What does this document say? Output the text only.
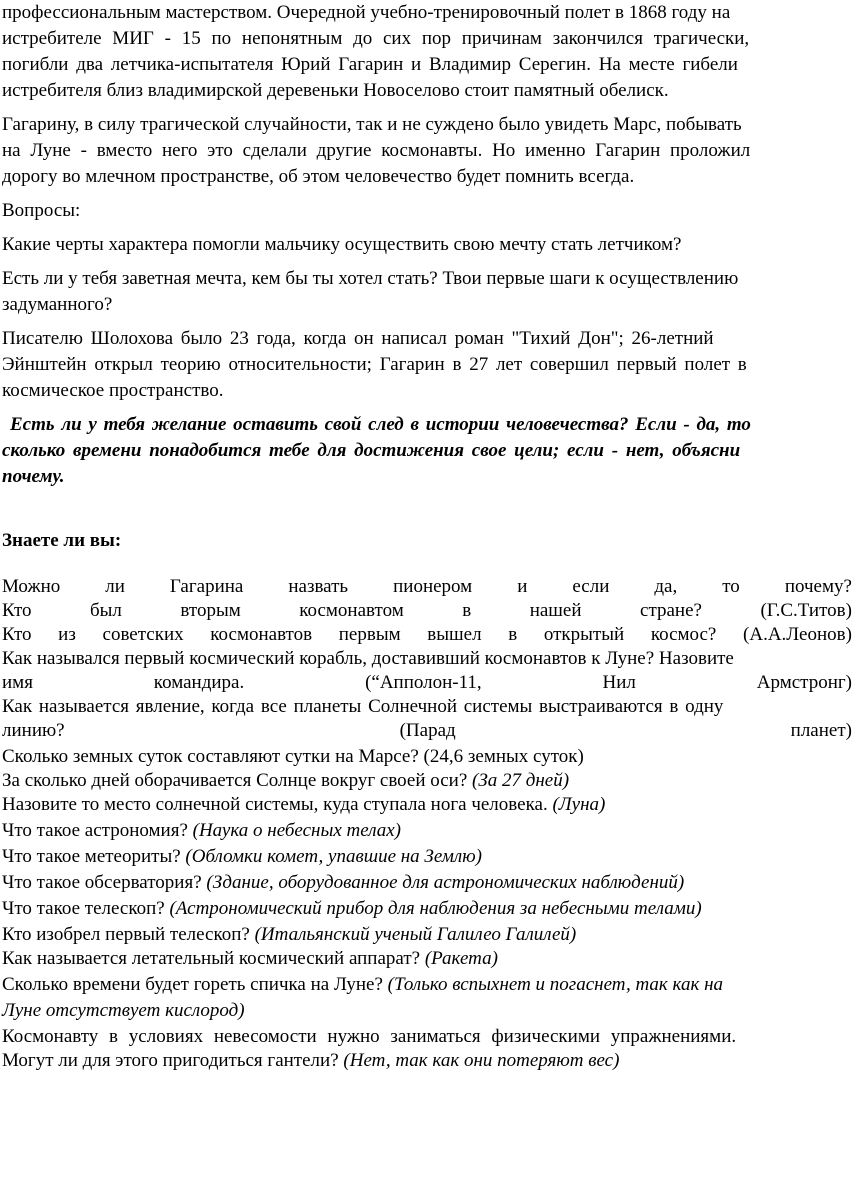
профессиональным мастерством. Очередной учебно-тренировочный полет в 1868 году на
истребителе МИГ - 15 по непонятным до сих пор причинам закончился трагически,
погибли два летчика-испытателя Юрий Гагарин и Владимир Серегин. На месте гибели
истребителя близ владимирской деревеньки Новоселово стоит памятный обелиск.
Гагарину, в силу трагической случайности, так и не суждено было увидеть Марс, побывать
на Луне - вместо него это сделали другие космонавты. Но именно Гагарин проложил
дорогу во млечном пространстве, об этом человечество будет помнить всегда.
Вопросы:
Какие черты характера помогли мальчику осуществить свою мечту стать летчиком?
Есть ли у тебя заветная мечта, кем бы ты хотел стать? Твои первые шаги к осуществлению
задуманного?
Писателю Шолохова было 23 года, когда он написал роман "Тихий Дон"; 26-летний
Эйнштейн открыл теорию относительности; Гагарин в 27 лет совершил первый полет в
космическое пространство.
Есть ли у тебя желание оставить свой след в истории человечества? Если - да, то
сколько времени понадобится тебе для достижения свое цели; если - нет, объясни
почему.
Знаете ли вы:
Можно ли Гагарина назвать пионером и если да, то почему?
Кто	был	вторым	космонавтом	в	нашей	стране?	(Г.С.Титов)
Кто из советских космонавтов первым вышел в открытый космос? (А.А.Леонов)
Как назывался первый космический корабль, доставивший космонавтов к Луне? Назовите
имя	командира.	(“Апполон-11,	Нил	Армстронг)
Как называется явление, когда все планеты Солнечной системы выстраиваются в одну
линию?	(Парад	планет)
Сколько земных суток составляют сутки на Марсе? (24,6 земных суток)
За сколько дней оборачивается Солнце вокруг своей оси? (За 27 дней)
Назовите то место солнечной системы, куда ступала нога человека. (Луна)
Что такое астрономия? (Наука о небесных телах)
Что такое метеориты? (Обломки комет, упавшие на Землю)
Что такое обсерватория? (Здание, оборудованное для астрономических наблюдений)
Что такое телескоп? (Астрономический прибор для наблюдения за небесными телами)
Кто изобрел первый телескоп? (Итальянский ученый Галилео Галилей)
Как называется летательный космический аппарат? (Ракета)
Сколько времени будет гореть спичка на Луне? (Только вспыхнет и погаснет, так как на
Луне отсутствует кислород)
Космонавту в условиях невесомости нужно заниматься физическими упражнениями.
Могут ли для этого пригодиться гантели? (Нет, так как они потеряют вес)
